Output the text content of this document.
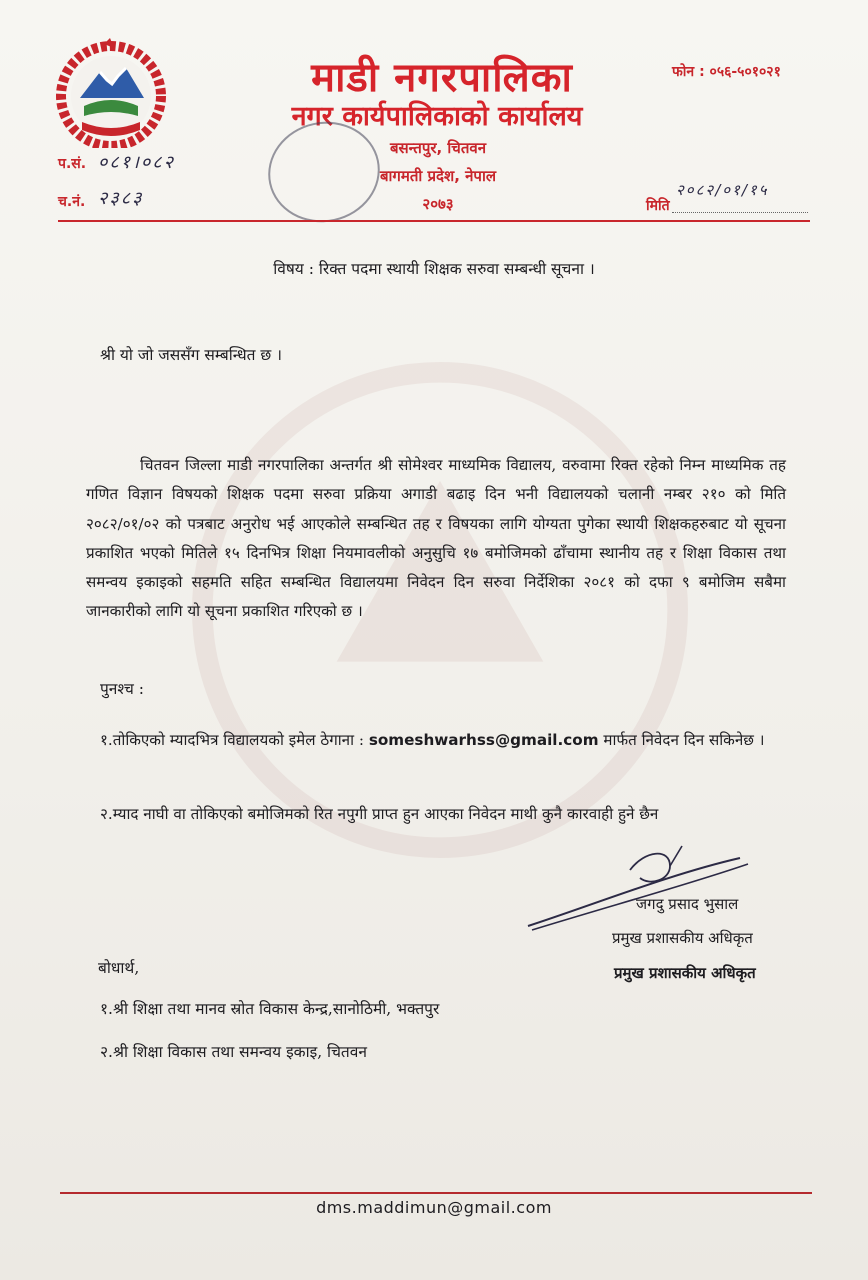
माडी नगरपालिका
नगर कार्यपालिकाको कार्यालय
बसन्तपुर, चितवन
बागमती प्रदेश, नेपाल
२०७३
फोन : ०५६-५०१०२१
प.सं. ०८१।०८२
च.नं. २३८३	मिति
२०८२/०१/१५
विषय : रिक्त पदमा स्थायी शिक्षक सरुवा सम्बन्धी सूचना ।
श्री यो जो जससँग सम्बन्धित छ ।
चितवन जिल्ला माडी नगरपालिका अन्तर्गत श्री सोमेश्वर माध्यमिक विद्यालय, वरुवामा रिक्त रहेको निम्न माध्यमिक तह गणित विज्ञान विषयको शिक्षक पदमा सरुवा प्रक्रिया अगाडी बढाइ दिन भनी विद्यालयको चलानी नम्बर २१० को मिति २०८२/०१/०२ को पत्रबाट अनुरोध भई आएकोले सम्बन्धित तह र विषयका लागि योग्यता पुगेका स्थायी शिक्षकहरुबाट यो सूचना प्रकाशित भएको मितिले १५ दिनभित्र शिक्षा नियमावलीको अनुसुचि १७ बमोजिमको ढाँचामा स्थानीय तह र शिक्षा विकास तथा समन्वय इकाइको सहमति सहित सम्बन्धित विद्यालयमा निवेदन दिन सरुवा निर्देशिका २०८१ को दफा ९ बमोजिम सबैमा जानकारीको लागि यो सूचना प्रकाशित गरिएको छ ।
पुनश्च :
१.तोकिएको म्यादभित्र विद्यालयको इमेल ठेगाना : someshwarhss@gmail.com मार्फत निवेदन दिन सकिनेछ ।
२.म्याद नाघी वा तोकिएको बमोजिमको रित नपुगी प्राप्त हुन आएका निवेदन माथी कुनै कारवाही हुने छैन
जगदु प्रसाद भुसाल
प्रमुख प्रशासकीय अधिकृत
प्रमुख प्रशासकीय अधिकृत
बोधार्थ,
१.श्री शिक्षा तथा मानव स्रोत विकास केन्द्र,सानोठिमी, भक्तपुर
२.श्री शिक्षा विकास तथा समन्वय इकाइ, चितवन
dms.maddimun@gmail.com
